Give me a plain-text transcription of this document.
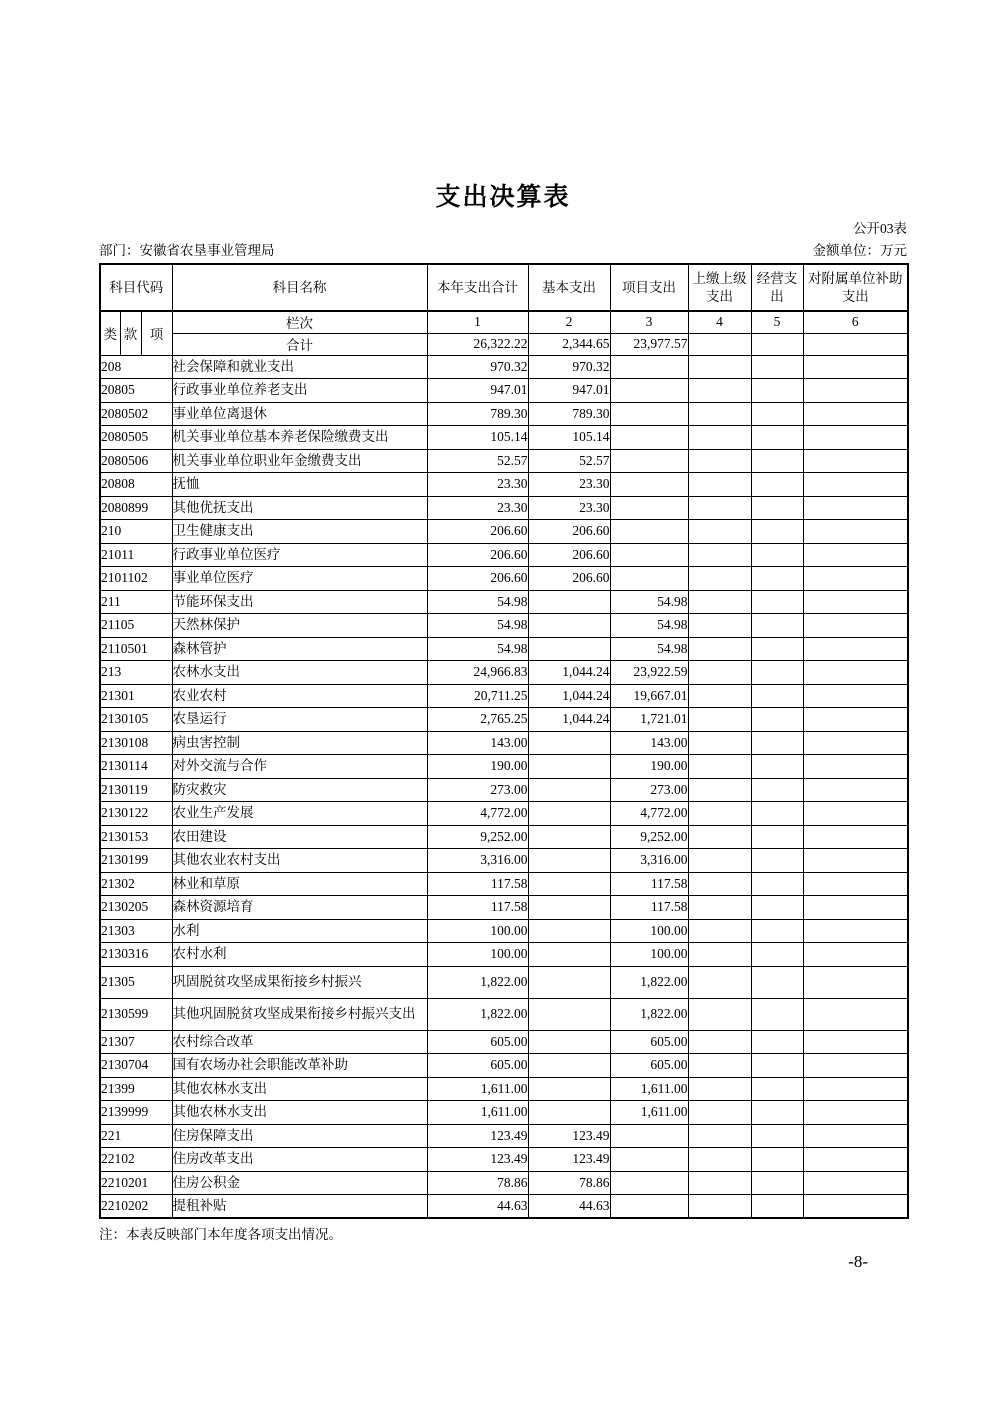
支出决算表
公开03表
部门：安徽省农垦事业管理局	金额单位：万元
科目代码			科目名称	本年支出合计	基本支出	项目支出	上缴上级支出	经营支出	对附属单位补助支出
类	款	项	栏次	1	2	3	4	5	6
			合计	26,322.22	2,344.65	23,977.57			
208			社会保障和就业支出	970.32	970.32				
20805			行政事业单位养老支出	947.01	947.01				
2080502			事业单位离退休	789.30	789.30				
2080505			机关事业单位基本养老保险缴费支出	105.14	105.14				
2080506			机关事业单位职业年金缴费支出	52.57	52.57				
20808			抚恤	23.30	23.30				
2080899			其他优抚支出	23.30	23.30				
210			卫生健康支出	206.60	206.60				
21011			行政事业单位医疗	206.60	206.60				
2101102			事业单位医疗	206.60	206.60				
211			节能环保支出	54.98		54.98			
21105			天然林保护	54.98		54.98			
2110501			森林管护	54.98		54.98			
213			农林水支出	24,966.83	1,044.24	23,922.59			
21301			农业农村	20,711.25	1,044.24	19,667.01			
2130105			农垦运行	2,765.25	1,044.24	1,721.01			
2130108			病虫害控制	143.00		143.00			
2130114			对外交流与合作	190.00		190.00			
2130119			防灾救灾	273.00		273.00			
2130122			农业生产发展	4,772.00		4,772.00			
2130153			农田建设	9,252.00		9,252.00			
2130199			其他农业农村支出	3,316.00		3,316.00			
21302			林业和草原	117.58		117.58			
2130205			森林资源培育	117.58		117.58			
21303			水利	100.00		100.00			
2130316			农村水利	100.00		100.00			
21305			巩固脱贫攻坚成果衔接乡村振兴	1,822.00		1,822.00			
2130599			其他巩固脱贫攻坚成果衔接乡村振兴支出	1,822.00		1,822.00			
21307			农村综合改革	605.00		605.00			
2130704			国有农场办社会职能改革补助	605.00		605.00			
21399			其他农林水支出	1,611.00		1,611.00			
2139999			其他农林水支出	1,611.00		1,611.00			
221			住房保障支出	123.49	123.49				
22102			住房改革支出	123.49	123.49				
2210201			住房公积金	78.86	78.86				
2210202			提租补贴	44.63	44.63				
注：本表反映部门本年度各项支出情况。
-8-
